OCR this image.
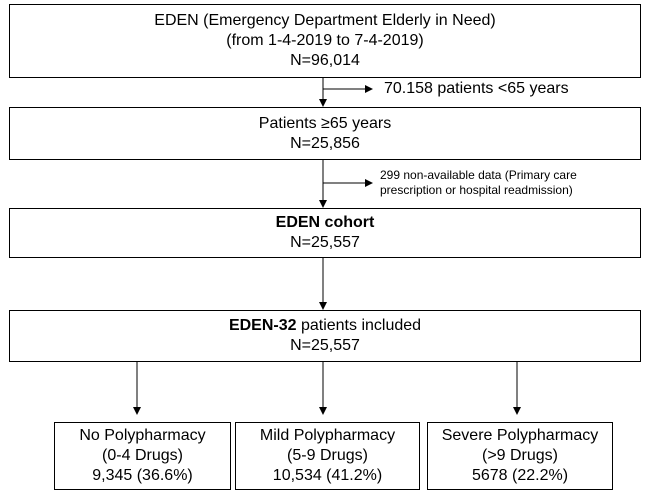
EDEN (Emergency Department Elderly in Need)
(from 1-4-2019 to 7-4-2019)
N=96,014
70.158 patients <65 years
Patients ≥65 years
N=25,856
299 non-available data (Primary care
prescription or hospital readmission)
EDEN cohort
N=25,557
EDEN-32 patients included
N=25,557
No Polypharmacy
(0-4 Drugs)
9,345 (36.6%)
Mild Polypharmacy
(5-9 Drugs)
10,534 (41.2%)
Severe Polypharmacy
(>9 Drugs)
5678 (22.2%)
